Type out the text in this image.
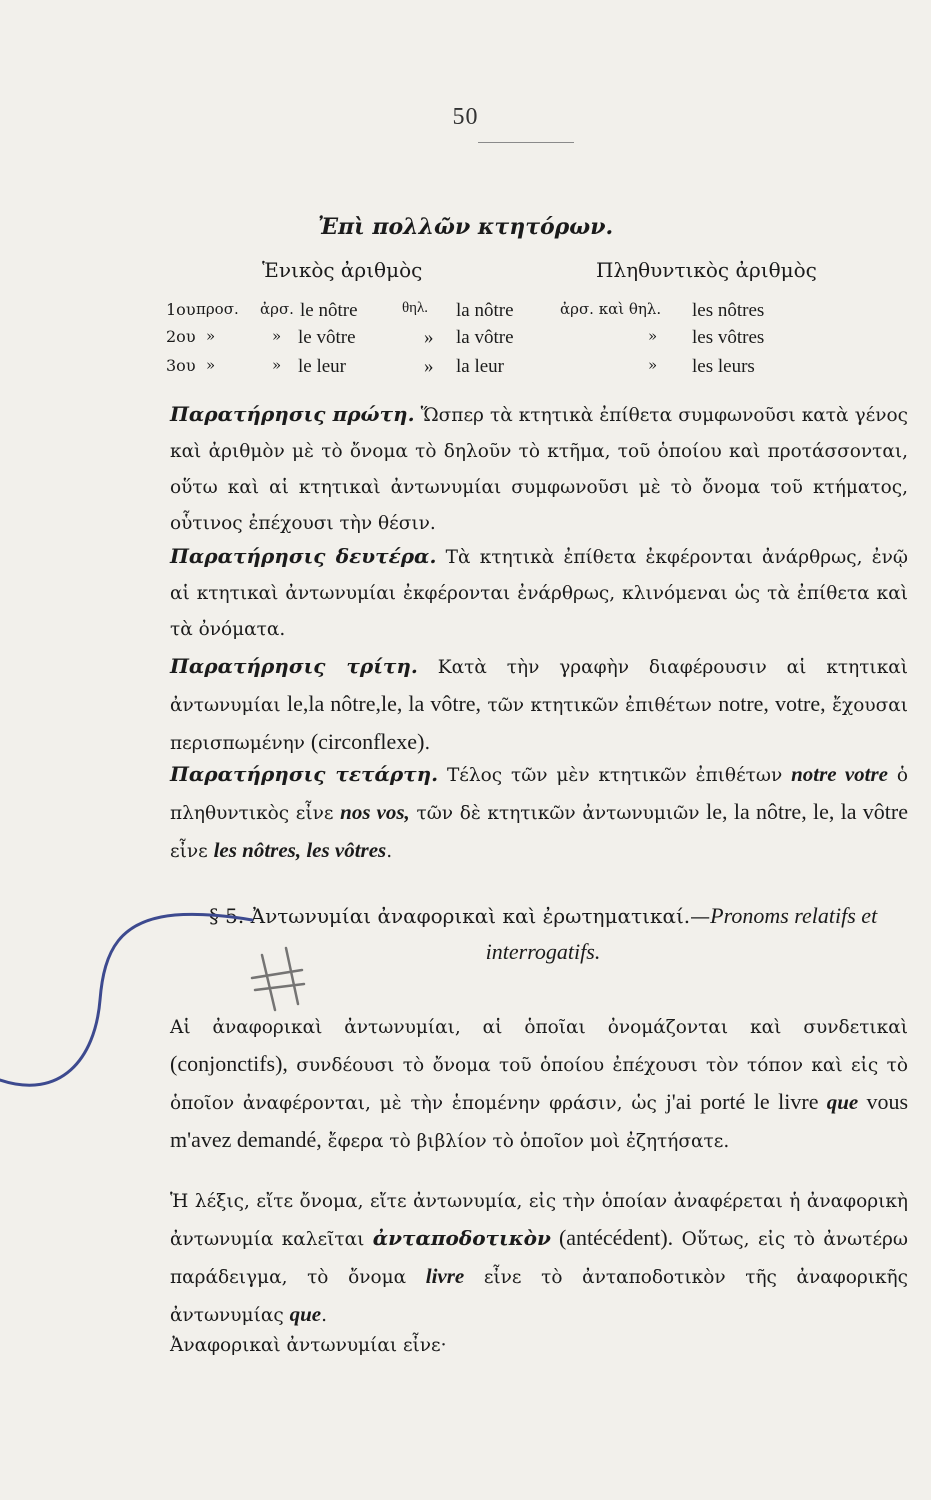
50
Ἐπὶ πολλῶν κτητόρων.
Ἑνικὸς ἀριθμὸς	Πληθυντικὸς ἀριθμὸς
1ου προσ. ἀρσ. le nôtre	θηλ. la nôtre	ἀρσ. καὶ θηλ. les nôtres
2ου »	» le vôtre	» la vôtre	» les vôtres
3ου »	» le leur	» la leur	» les leurs
Παρατήρησις πρώτη. Ὥσπερ τὰ κτητικὰ ἐπίθετα συμφωνοῦσι κατὰ γένος καὶ ἀριθμὸν μὲ τὸ ὄνομα τὸ δηλοῦν τὸ κτῆμα, τοῦ ὁποίου καὶ προτάσσονται, οὕτω καὶ αἱ κτητικαὶ ἀντωνυμίαι συμφωνοῦσι μὲ τὸ ὄνομα τοῦ κτήματος, οὗτινος ἐπέχουσι τὴν θέσιν.
Παρατήρησις δευτέρα. Τὰ κτητικὰ ἐπίθετα ἐκφέρονται ἀνάρθρως, ἐνῷ αἱ κτητικαὶ ἀντωνυμίαι ἐκφέρονται ἐνάρθρως, κλινόμεναι ὡς τὰ ἐπίθετα καὶ τὰ ὀνόματα.
Παρατήρησις τρίτη. Κατὰ τὴν γραφὴν διαφέρουσιν αἱ κτητικαὶ ἀντωνυμίαι le,la nôtre,le, la vôtre, τῶν κτητικῶν ἐπιθέτων notre, votre, ἔχουσαι περισπωμένην (circonflexe).
Παρατήρησις τετάρτη. Τέλος τῶν μὲν κτητικῶν ἐπιθέτων notre votre ὁ πληθυντικὸς εἶνε nos vos, τῶν δὲ κτητικῶν ἀντωνυμιῶν le, la nôtre, le, la vôtre εἶνε les nôtres, les vôtres.
§ 5. Ἀντωνυμίαι ἀναφορικαὶ καὶ ἐρωτηματικαί.—Pronoms relatifs et interrogatifs.
Αἱ ἀναφορικαὶ ἀντωνυμίαι, αἱ ὁποῖαι ὀνομάζονται καὶ συνδετικαὶ (conjonctifs), συνδέουσι τὸ ὄνομα τοῦ ὁποίου ἐπέχουσι τὸν τόπον καὶ εἰς τὸ ὁποῖον ἀναφέρονται, μὲ τὴν ἑπομένην φράσιν, ὡς j'ai porté le livre que vous m'avez demandé, ἔφερα τὸ βιβλίον τὸ ὁποῖον μοὶ ἐζητήσατε.
Ἡ λέξις, εἴτε ὄνομα, εἴτε ἀντωνυμία, εἰς τὴν ὁποίαν ἀναφέρεται ἡ ἀναφορικὴ ἀντωνυμία καλεῖται ἀνταποδοτικὸν (antécédent). Οὕτως, εἰς τὸ ἀνωτέρω παράδειγμα, τὸ ὄνομα livre εἶνε τὸ ἀνταποδοτικὸν τῆς ἀναφορικῆς ἀντωνυμίας que.
Ἀναφορικαὶ ἀντωνυμίαι εἶνε·
